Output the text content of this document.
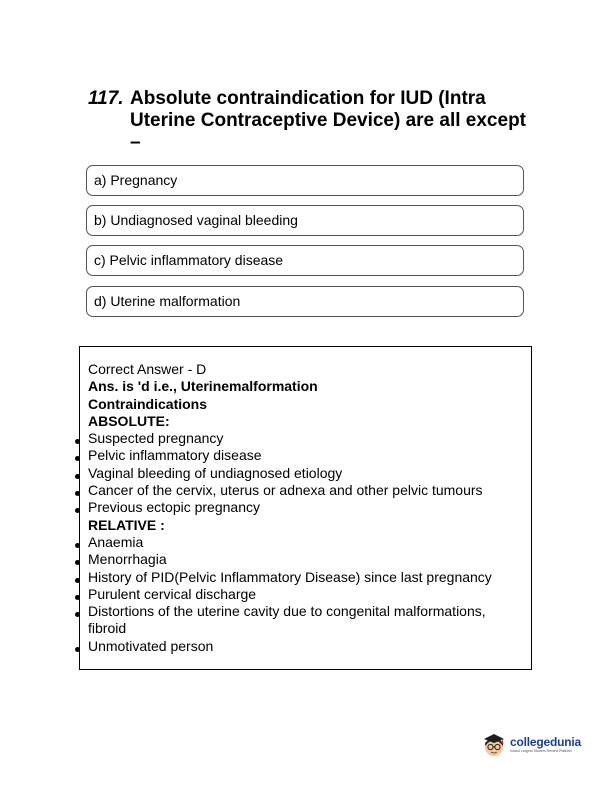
117. Absolute contraindication for IUD (Intra Uterine Contraceptive Device) are all except –
a) Pregnancy
b) Undiagnosed vaginal bleeding
c) Pelvic inflammatory disease
d) Uterine malformation
Correct Answer - D
Ans. is 'd i.e., Uterinemalformation
Contraindications
ABSOLUTE:
Suspected pregnancy
Pelvic inflammatory disease
Vaginal bleeding of undiagnosed etiology
Cancer of the cervix, uterus or adnexa and other pelvic tumours
Previous ectopic pregnancy
RELATIVE :
Anaemia
Menorrhagia
History of PID(Pelvic Inflammatory Disease) since last pregnancy
Purulent cervical discharge
Distortions of the uterine cavity due to congenital malformations, fibroid
Unmotivated person
collegedunia
India's Largest Student Review Platform
